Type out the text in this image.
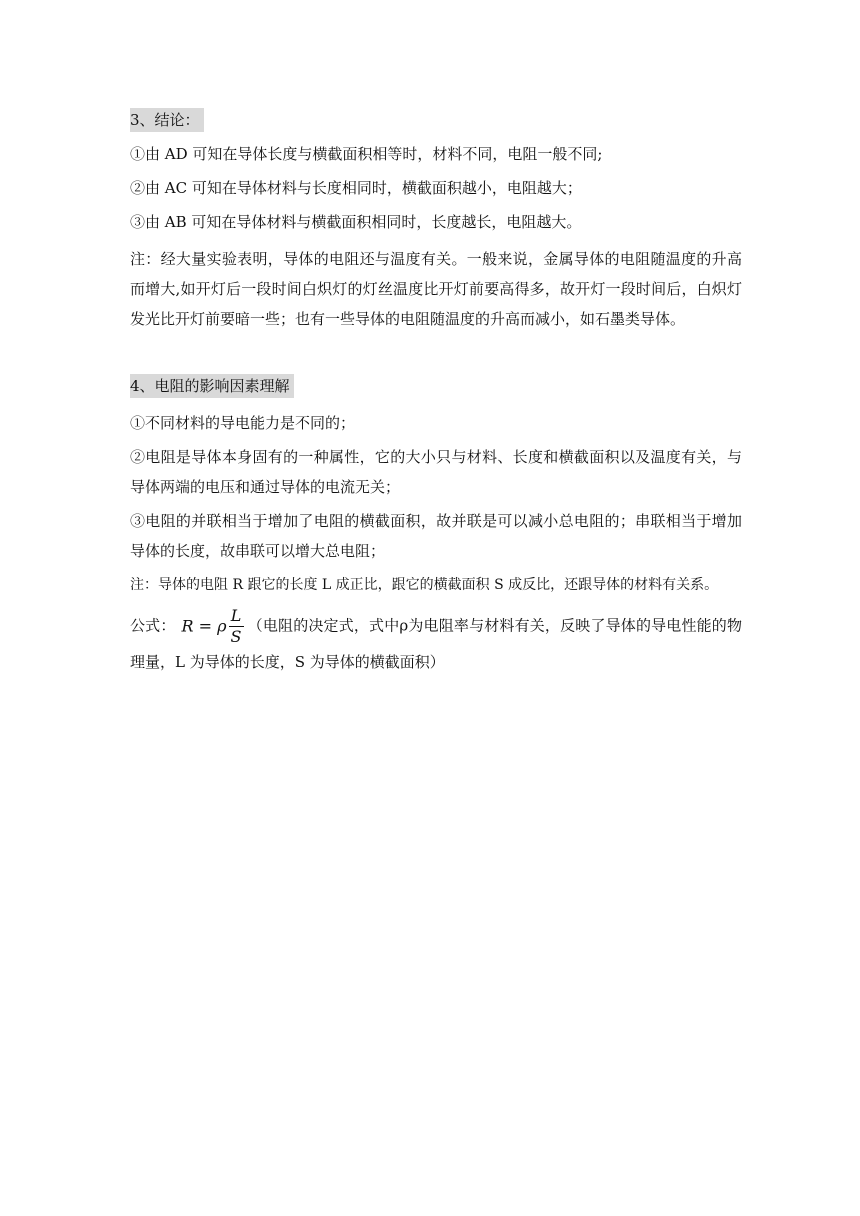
3、结论：

①由 AD 可知在导体长度与横截面积相等时，材料不同，电阻一般不同;

②由 AC 可知在导体材料与长度相同时，横截面积越小，电阻越大；

③由 AB 可知在导体材料与横截面积相同时，长度越长，电阻越大。

注：经大量实验表明，导体的电阻还与温度有关。一般来说，金属导体的电阻随温度的升高而增大,如开灯后一段时间白炽灯的灯丝温度比开灯前要高得多，故开灯一段时间后，白炽灯发光比开灯前要暗一些；也有一些导体的电阻随温度的升高而减小，如石墨类导体。

4、电阻的影响因素理解

①不同材料的导电能力是不同的；

②电阻是导体本身固有的一种属性，它的大小只与材料、长度和横截面积以及温度有关，与导体两端的电压和通过导体的电流无关；

③电阻的并联相当于增加了电阻的横截面积，故并联是可以减小总电阻的；串联相当于增加导体的长度，故串联可以增大总电阻；

注：导体的电阻 R 跟它的长度 L 成正比，跟它的横截面积 S 成反比，还跟导体的材料有关系。

公式： R = ρ $\frac{L}{S}$ （电阻的决定式，式中ρ为电阻率与材料有关，反映了导体的导电性能的物理量，L 为导体的长度，S 为导体的横截面积）
